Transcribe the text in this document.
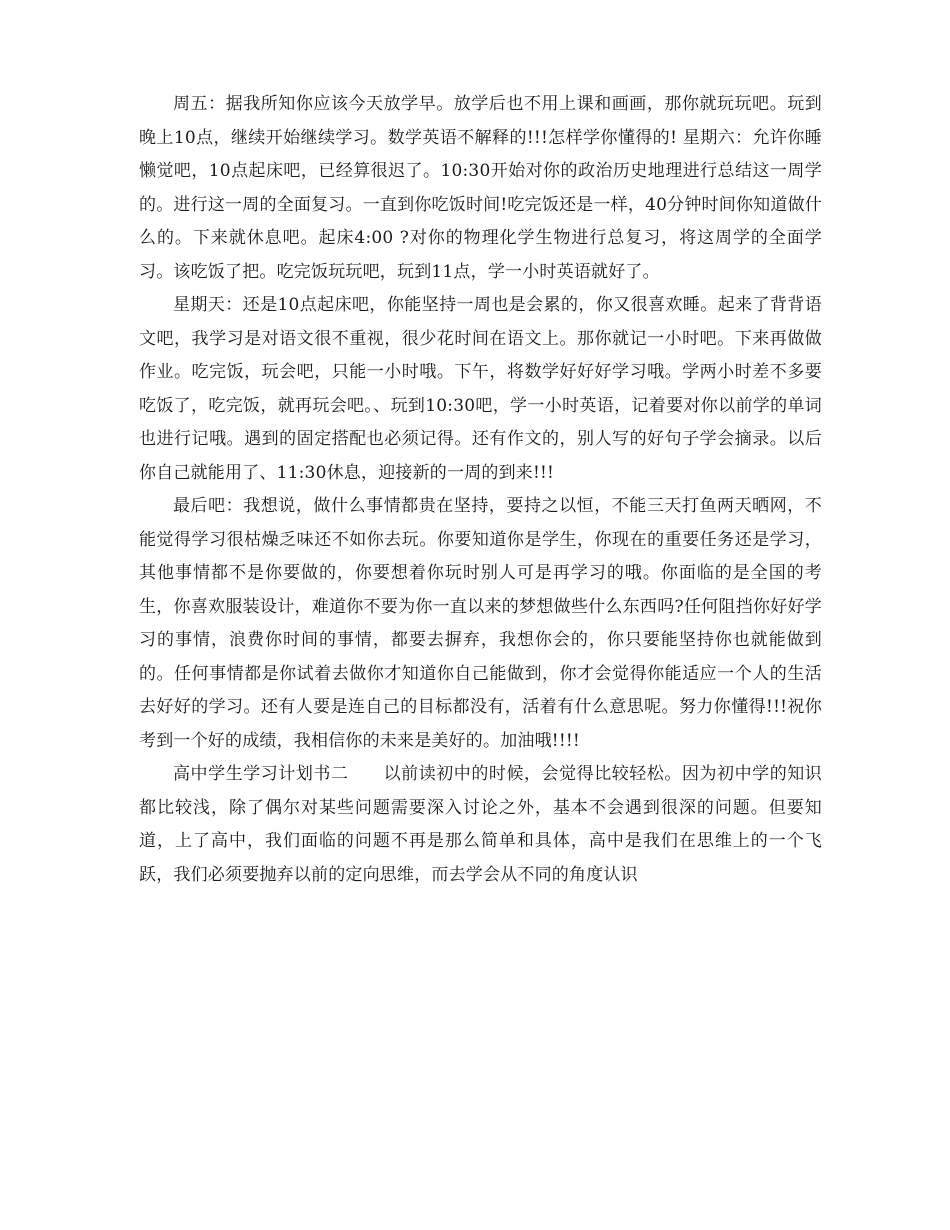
周五：据我所知你应该今天放学早。放学后也不用上课和画画，那你就玩玩吧。玩到晚上10点，继续开始继续学习。数学英语不解释的!!!怎样学你懂得的! 星期六：允许你睡懒觉吧，10点起床吧，已经算很迟了。10:30开始对你的政治历史地理进行总结这一周学的。进行这一周的全面复习。一直到你吃饭时间!吃完饭还是一样，40分钟时间你知道做什么的。下来就休息吧。起床4:00 ?对你的物理化学生物进行总复习，将这周学的全面学习。该吃饭了把。吃完饭玩玩吧，玩到11点，学一小时英语就好了。

星期天：还是10点起床吧，你能坚持一周也是会累的，你又很喜欢睡。起来了背背语文吧，我学习是对语文很不重视，很少花时间在语文上。那你就记一小时吧。下来再做做作业。吃完饭，玩会吧，只能一小时哦。下午，将数学好好好学习哦。学两小时差不多要吃饭了，吃完饭，就再玩会吧。、玩到10:30吧，学一小时英语，记着要对你以前学的单词也进行记哦。遇到的固定搭配也必须记得。还有作文的，别人写的好句子学会摘录。以后你自己就能用了、11:30休息，迎接新的一周的到来!!!

最后吧：我想说，做什么事情都贵在坚持，要持之以恒，不能三天打鱼两天晒网，不能觉得学习很枯燥乏味还不如你去玩。你要知道你是学生，你现在的重要任务还是学习，其他事情都不是你要做的，你要想着你玩时别人可是再学习的哦。你面临的是全国的考生，你喜欢服装设计，难道你不要为你一直以来的梦想做些什么东西吗?任何阻挡你好好学习的事情，浪费你时间的事情，都要去摒弃，我想你会的，你只要能坚持你也就能做到的。任何事情都是你试着去做你才知道你自己能做到，你才会觉得你能适应一个人的生活去好好的学习。还有人要是连自己的目标都没有，活着有什么意思呢。努力你懂得!!!祝你考到一个好的成绩，我相信你的未来是美好的。加油哦!!!!

高中学生学习计划书二　　以前读初中的时候，会觉得比较轻松。因为初中学的知识都比较浅，除了偶尔对某些问题需要深入讨论之外，基本不会遇到很深的问题。但要知道，上了高中，我们面临的问题不再是那么简单和具体，高中是我们在思维上的一个飞跃，我们必须要抛弃以前的定向思维，而去学会从不同的角度认识
